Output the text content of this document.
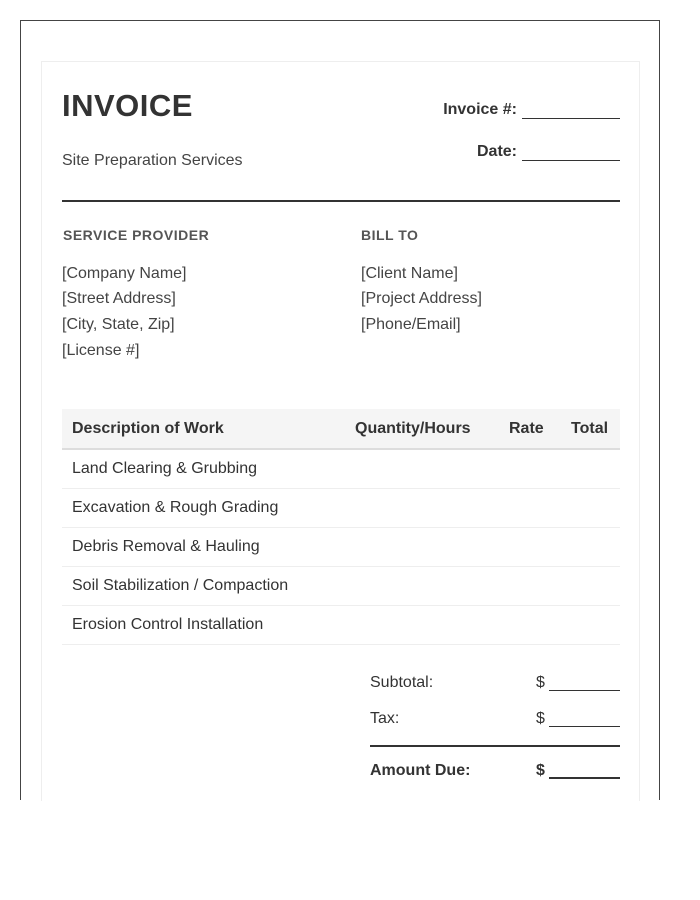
INVOICE
Site Preparation Services
Invoice #:
Date:
SERVICE PROVIDER
[Company Name]
[Street Address]
[City, State, Zip]
[License #]
BILL TO
[Client Name]
[Project Address]
[Phone/Email]
Description of Work	Quantity/Hours	Rate	Total
Land Clearing & Grubbing			
Excavation & Rough Grading			
Debris Removal & Hauling			
Soil Stabilization / Compaction			
Erosion Control Installation			
Subtotal:	$
Tax:	$
Amount Due:	$
